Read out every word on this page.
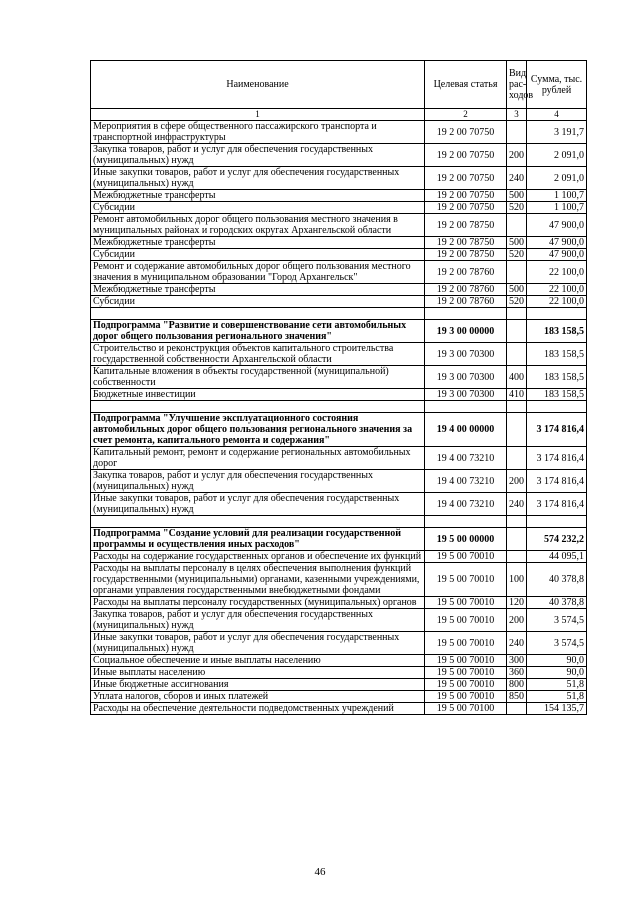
Наименование	Целевая статья	Вид рас-ходов	Сумма, тыс. рублей
1	2	3	4
Мероприятия в сфере общественного пассажирского транспорта и транспортной инфраструктуры	19 2 00 70750		3 191,7
Закупка товаров, работ и услуг для обеспечения государственных (муниципальных) нужд	19 2 00 70750	200	2 091,0
Иные закупки товаров, работ и услуг для обеспечения государственных (муниципальных) нужд	19 2 00 70750	240	2 091,0
Межбюджетные трансферты	19 2 00 70750	500	1 100,7
Субсидии	19 2 00 70750	520	1 100,7
Ремонт автомобильных дорог общего пользования местного значения в муниципальных районах и городских округах Архангельской области	19 2 00 78750		47 900,0
Межбюджетные трансферты	19 2 00 78750	500	47 900,0
Субсидии	19 2 00 78750	520	47 900,0
Ремонт и содержание автомобильных дорог общего пользования местного значения в муниципальном образовании "Город Архангельск"	19 2 00 78760		22 100,0
Межбюджетные трансферты	19 2 00 78760	500	22 100,0
Субсидии	19 2 00 78760	520	22 100,0

Подпрограмма "Развитие и совершенствование сети автомобильных дорог общего пользования регионального значения"	19 3 00 00000		183 158,5
Строительство и реконструкция объектов капитального строительства государственной собственности Архангельской области	19 3 00 70300		183 158,5
Капитальные вложения в объекты государственной (муниципальной) собственности	19 3 00 70300	400	183 158,5
Бюджетные инвестиции	19 3 00 70300	410	183 158,5

Подпрограмма "Улучшение эксплуатационного состояния автомобильных дорог общего пользования регионального значения за счет ремонта, капитального ремонта и содержания"	19 4 00 00000		3 174 816,4
Капитальный ремонт, ремонт и содержание региональных автомобильных дорог	19 4 00 73210		3 174 816,4
Закупка товаров, работ и услуг для обеспечения государственных (муниципальных) нужд	19 4 00 73210	200	3 174 816,4
Иные закупки товаров, работ и услуг для обеспечения государственных (муниципальных) нужд	19 4 00 73210	240	3 174 816,4

Подпрограмма "Создание условий для реализации государственной программы и осуществления иных расходов"	19 5 00 00000		574 232,2
Расходы на содержание государственных органов и обеспечение их функций	19 5 00 70010		44 095,1
Расходы на выплаты персоналу в целях обеспечения выполнения функций государственными (муниципальными) органами, казенными учреждениями, органами управления государственными внебюджетными фондами	19 5 00 70010	100	40 378,8
Расходы на выплаты персоналу государственных (муниципальных) органов	19 5 00 70010	120	40 378,8
Закупка товаров, работ и услуг для обеспечения государственных (муниципальных) нужд	19 5 00 70010	200	3 574,5
Иные закупки товаров, работ и услуг для обеспечения государственных (муниципальных) нужд	19 5 00 70010	240	3 574,5
Социальное обеспечение и иные выплаты населению	19 5 00 70010	300	90,0
Иные выплаты населению	19 5 00 70010	360	90,0
Иные бюджетные ассигнования	19 5 00 70010	800	51,8
Уплата налогов, сборов и иных платежей	19 5 00 70010	850	51,8
Расходы на обеспечение деятельности подведомственных учреждений	19 5 00 70100		154 135,7
46
